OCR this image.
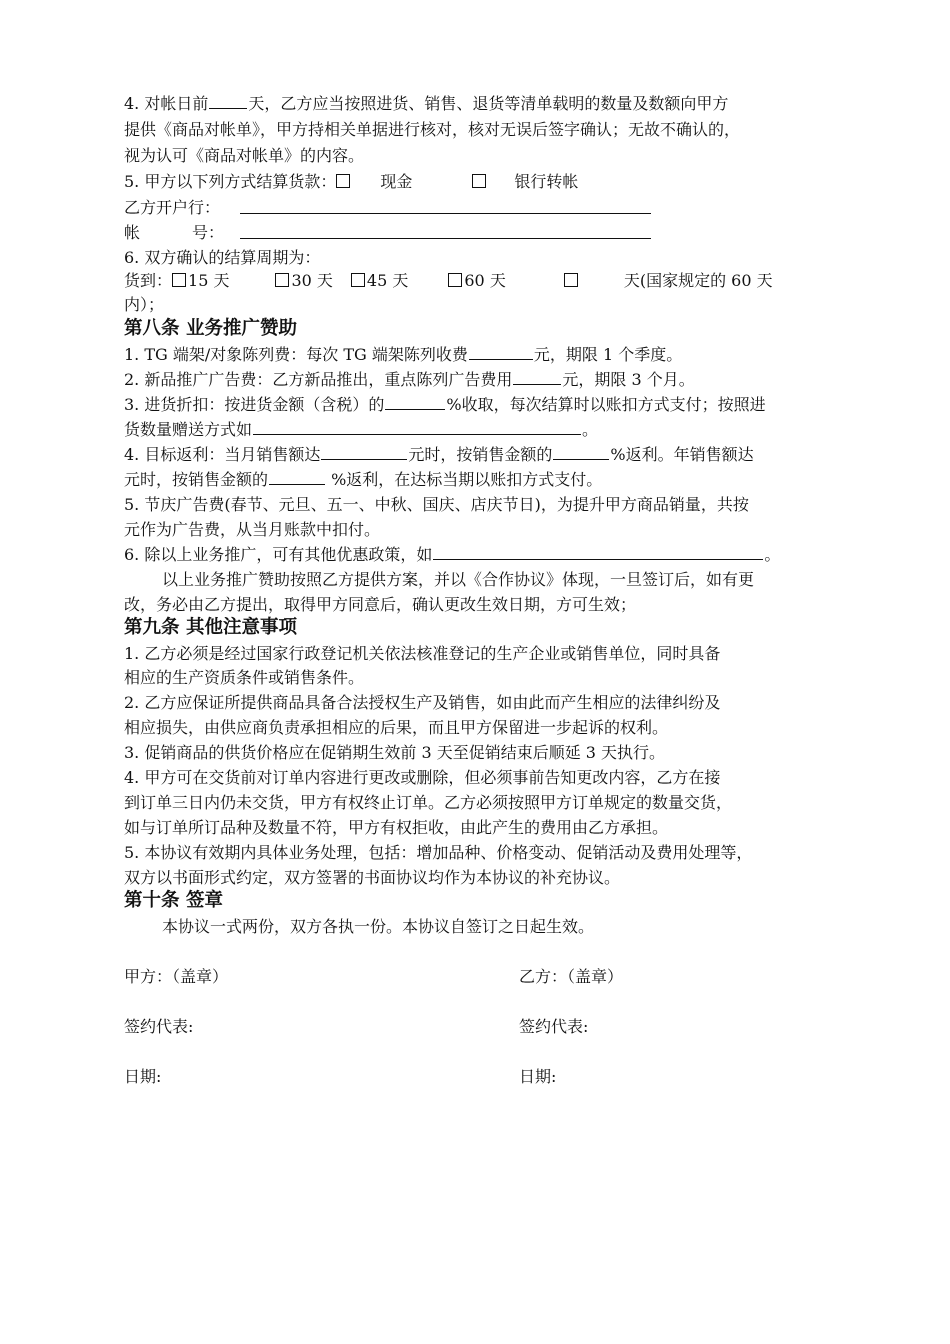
4. 对帐日前	天，乙方应当按照进货、销售、退货等清单载明的数量及数额向甲方
提供《商品对帐单》，甲方持相关单据进行核对，核对无误后签字确认；无故不确认的，
视为认可《商品对帐单》的内容。
5. 甲方以下列方式结算货款：	现金	银行转帐
乙方开户行：
帐	号：
6. 双方确认的结算周期为：
货到： 15 天	30 天 45 天	60 天	天(国家规定的 60 天
内）；
第八条 业务推广赞助
1. TG 端架/对象陈列费：每次 TG 端架陈列收费	元，期限 1 个季度。
2. 新品推广广告费：乙方新品推出，重点陈列广告费用	元，期限 3 个月。
3. 进货折扣：按进货金额（含税）的	%收取，每次结算时以账扣方式支付；按照进
货数量赠送方式如	。
4. 目标返利：当月销售额达	元时，按销售金额的	%返利。年销售额达
元时，按销售金额的	%返利，在达标当期以账扣方式支付。
5. 节庆广告费(春节、元旦、五一、中秋、国庆、店庆节日)，为提升甲方商品销量，共按
元作为广告费，从当月账款中扣付。
6. 除以上业务推广，可有其他优惠政策，如	。
以上业务推广赞助按照乙方提供方案，并以《合作协议》体现，一旦签订后，如有更
改，务必由乙方提出，取得甲方同意后，确认更改生效日期，方可生效；
第九条 其他注意事项
1. 乙方必须是经过国家行政登记机关依法核准登记的生产企业或销售单位，同时具备
相应的生产资质条件或销售条件。
2. 乙方应保证所提供商品具备合法授权生产及销售，如由此而产生相应的法律纠纷及
相应损失，由供应商负责承担相应的后果，而且甲方保留进一步起诉的权利。
3. 促销商品的供货价格应在促销期生效前 3 天至促销结束后顺延 3 天执行。
4. 甲方可在交货前对订单内容进行更改或删除，但必须事前告知更改内容，乙方在接
到订单三日内仍未交货，甲方有权终止订单。乙方必须按照甲方订单规定的数量交货，
如与订单所订品种及数量不符，甲方有权拒收，由此产生的费用由乙方承担。
5. 本协议有效期内具体业务处理，包括：增加品种、价格变动、促销活动及费用处理等，
双方以书面形式约定，双方签署的书面协议均作为本协议的补充协议。
第十条 签章
本协议一式两份，双方各执一份。本协议自签订之日起生效。
甲方：（盖章）	乙方：（盖章）
签约代表:	签约代表:
日期:	日期:
